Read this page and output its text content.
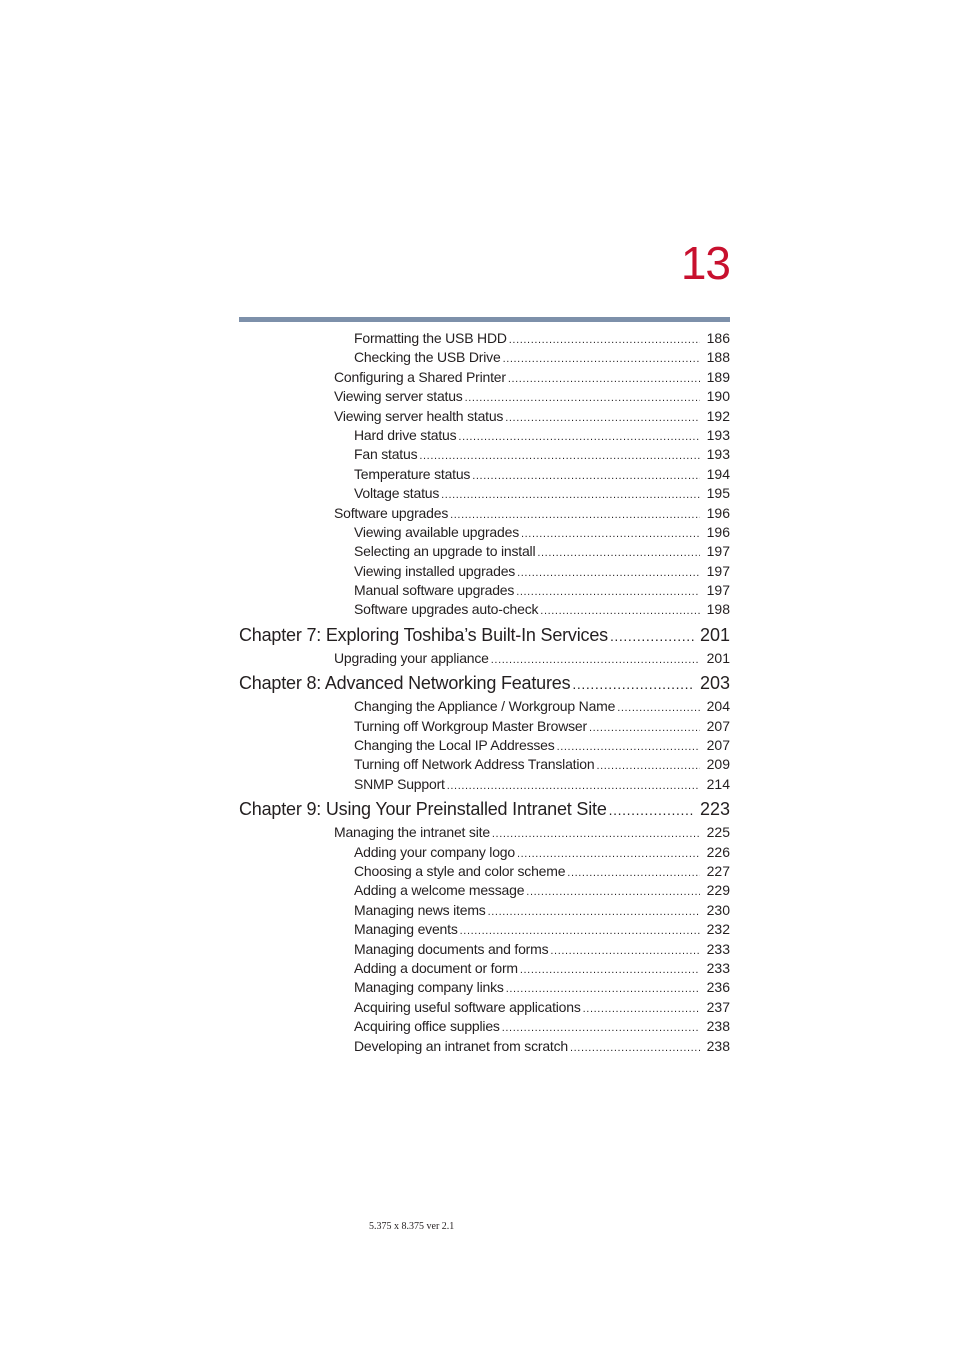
13
Formatting the USB HDD .....	186
Checking the USB Drive .....	188
Configuring a Shared Printer .....	189
Viewing server status .....	190
Viewing server health status .....	192
Hard drive status .....	193
Fan status .....	193
Temperature status .....	194
Voltage status .....	195
Software upgrades .....	196
Viewing available upgrades .....	196
Selecting an upgrade to install .....	197
Viewing installed upgrades .....	197
Manual software upgrades .....	197
Software upgrades auto-check .....	198
Chapter 7: Exploring Toshiba’s Built-In Services .....	201
Upgrading your appliance .....	201
Chapter 8: Advanced Networking Features .....	203
Changing the Appliance / Workgroup Name .....	204
Turning off Workgroup Master Browser .....	207
Changing the Local IP Addresses .....	207
Turning off Network Address Translation .....	209
SNMP Support .....	214
Chapter 9: Using Your Preinstalled Intranet Site .....	223
Managing the intranet site .....	225
Adding your company logo .....	226
Choosing a style and color scheme .....	227
Adding a welcome message .....	229
Managing news items .....	230
Managing events .....	232
Managing documents and forms .....	233
Adding a document or form .....	233
Managing company links .....	236
Acquiring useful software applications .....	237
Acquiring office supplies .....	238
Developing an intranet from scratch .....	238
5.375 x 8.375 ver 2.1
